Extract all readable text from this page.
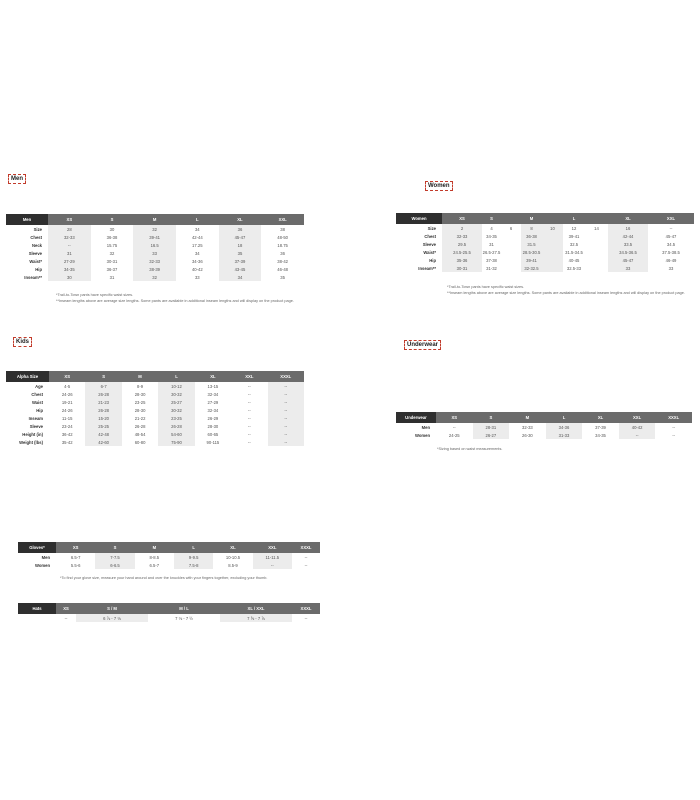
Men
Men	XS	S	M	L	XL	XXL
Size	28	30	32	34	36	38
Chest	32-33	36-38	39-41	42-44	45-47	48-50
Neck	--	15.75	16.5	17.25	18	18.75
Sleeve	31	32	33	34	35	36
Waist*	27-29	30-31	32-33	34-36	37-39	38-42
Hip	34-35	36-37	38-39	40-42	43-45	46-48
Inseam**	30	31	32	33	34	35
*Trail-to-Town pants have specific waist sizes.
**Inseam lengths above are average size lengths. Some pants are available in additional inseam lengths and will display on the product page.
Women
Women	XS	S		M		L		XL	XXL
Size	2	4	6	8	10	12	14	16	--
Chest	32-33	34-35		36-38		39-41		42-44	45-47
Sleeve	29.5	31		31.5		32.5		33.5	34.5
Waist*	24.5-25.5	26.5-27.5		28.5-30.5		31.5-34.5		34.5-36.5	37.5-38.5
Hip	35-36	37-38		39-41		40-45		45-47	46-49
Inseam**	30-31	31-32		32-32.5		32.5-33		33	33
*Trail-to-Town pants have specific waist sizes.
**Inseam lengths above are average size lengths. Some pants are available in additional inseam lengths and will display on the product page.
Kids
Alpha Size	XS	S	M	L	XL	XXL	XXXL
Age	4-5	6-7	8-9	10-12	13-15	--	--
Chest	24-26	26-28	28-30	30-32	32-34	--	--
Waist	19-21	21-23	23-25	25-27	27-29	--	--
Hip	24-26	26-28	28-30	30-32	32-34	--	--
Inseam	11-15	15-20	21-22	23-25	26-29	--	--
Sleeve	23-24	25-25	26-28	26-28	28-30	--	--
Height (in)	36-42	42-48	48-54	54-60	60-65	--	--
Weight (lbs)	35-42	42-60	60-80	75-90	90-115	--	--
Underwear
Underwear	XS	S	M	L	XL	XXL	XXXL
Men	--	28-31	32-33	34-36	37-39	40-42	--
Women	24-25	26-27	26-30	31-33	34-35	--	--
*Sizing based on waist measurements.
Gloves*	XS	S	M	L	XL	XXL	XXXL
Men	6.5-7	7-7.5	8-8.5	9-9.5	10-10.5	11-11.5	--
Women	5.5-6	6-6.5	6.5-7	7.5-8	8.5-9	--	--
*To find your glove size, measure your hand around and over the knuckles with your fingers together, excluding your thumb.
Hats	XS	S / M	M / L	XL / XXL	XXXL
	--	6 ⅞ - 7 ⅛	7 ⅛ - 7 ½	7 ⅝ - 7 ⅞	--
